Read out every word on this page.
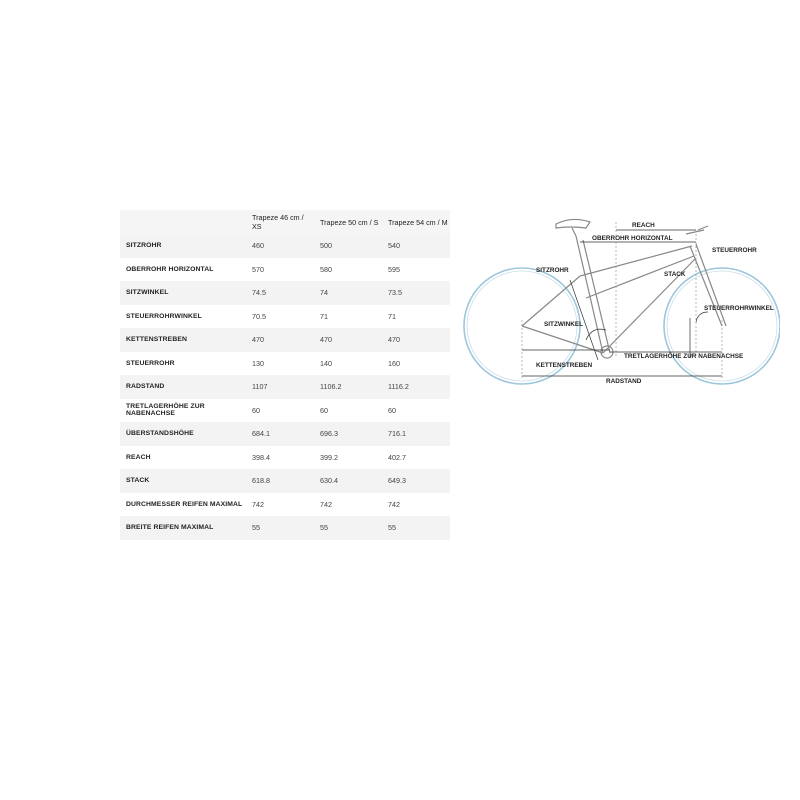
	Trapeze 46 cm / XS	Trapeze 50 cm / S	Trapeze 54 cm / M
SITZROHR	460	500	540
OBERROHR HORIZONTAL	570	580	595
SITZWINKEL	74.5	74	73.5
STEUERROHRWINKEL	70.5	71	71
KETTENSTREBEN	470	470	470
STEUERROHR	130	140	160
RADSTAND	1107	1106.2	1116.2
TRETLAGERHÖHE ZUR NABENACHSE	60	60	60
ÜBERSTANDSHÖHE	684.1	696.3	716.1
REACH	398.4	399.2	402.7
STACK	618.8	630.4	649.3
DURCHMESSER REIFEN MAXIMAL	742	742	742
BREITE REIFEN MAXIMAL	55	55	55
REACH
OBERROHR HORIZONTAL
STEUERROHR
SITZROHR
STACK
STEUERROHRWINKEL
SITZWINKEL
TRETLAGERHÖHE ZUR NABENACHSE
KETTENSTREBEN
RADSTAND
